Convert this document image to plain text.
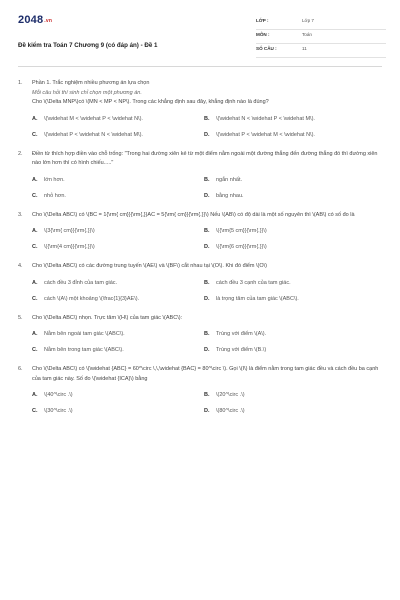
2048.vn
Đề kiểm tra Toán 7 Chương 9 (có đáp án) - Đề 1
LỚP :	Lớp 7
MÔN :	Toán
SỐ CÂU :	11
1.	Phần 1. Trắc nghiệm nhiều phương án lựa chọn
Mỗi câu hỏi thí sinh chỉ chọn một phương án.
Cho \(\Delta MNP\)có \(MN < MP < NP\). Trong các khẳng định sau đây, khẳng định nào là đúng?
A.	\(\widehat M < \widehat P < \widehat N\).	B.	\(\widehat N < \widehat P < \widehat M\).
C.	\(\widehat P < \widehat N < \widehat M\).	D.	\(\widehat P < \widehat M < \widehat N\).
2.	Điền từ thích hợp điền vào chỗ trống: "Trong hai đường xiên kẻ từ một điểm nằm ngoài một đường thẳng đến đường thẳng đó thì đường xiên nào lớn hơn thì có hình chiếu....."
A.	lớn hơn.	B.	ngắn nhất.
C.	nhỏ hơn.	D.	bằng nhau.
3.	Cho \(\Delta ABC\) có \(BC = 1{\rm{ cm}}{\rm{,}}AC = 5{\rm{ cm}}{\rm{.}}\) Nếu \(AB\) có độ dài là một số nguyên thì \(AB\) có số đo là
A.	\(3{\rm{ cm}}{\rm{.}}\)	B.	\({\rm{5 cm}}{\rm{.}}\)
C.	\({\rm{4 cm}}{\rm{.}}\)	D.	\({\rm{6 cm}}{\rm{.}}\)
4.	Cho \(\Delta ABC\) có các đường trung tuyến \(AE\) và \(BF\) cắt nhau tại \(O\). Khi đó điểm \(O\)
A.	cách đều 3 đỉnh của tam giác.	B.	cách đều 3 cạnh của tam giác.
C.	cách \(A\) một khoảng \(\frac{1}{3}AE\).	D.	là trọng tâm của tam giác \(ABC\).
5.	Cho \(\Delta ABC\) nhọn. Trực tâm \(H\) của tam giác \(ABC\):
A.	Nằm bên ngoài tam giác \(ABC\).	B.	Trùng với điểm \(A\).
C.	Nằm bên trong tam giác \(ABC\).	D.	Trùng với điểm \(B.\)
6.	Cho \(\Delta ABC\) có \(\widehat {ABC} = 60^\circ \,\,\widehat {BAC} = 80^\circ \). Gọi \(I\) là điểm nằm trong tam giác đều và cách đều ba cạnh của tam giác này. Số đo \(\widehat {ICA}\) bằng
A.	\(40^\circ .\)	B.	\(20^\circ .\)
C.	\(30^\circ .\)	D.	\(80^\circ .\)
